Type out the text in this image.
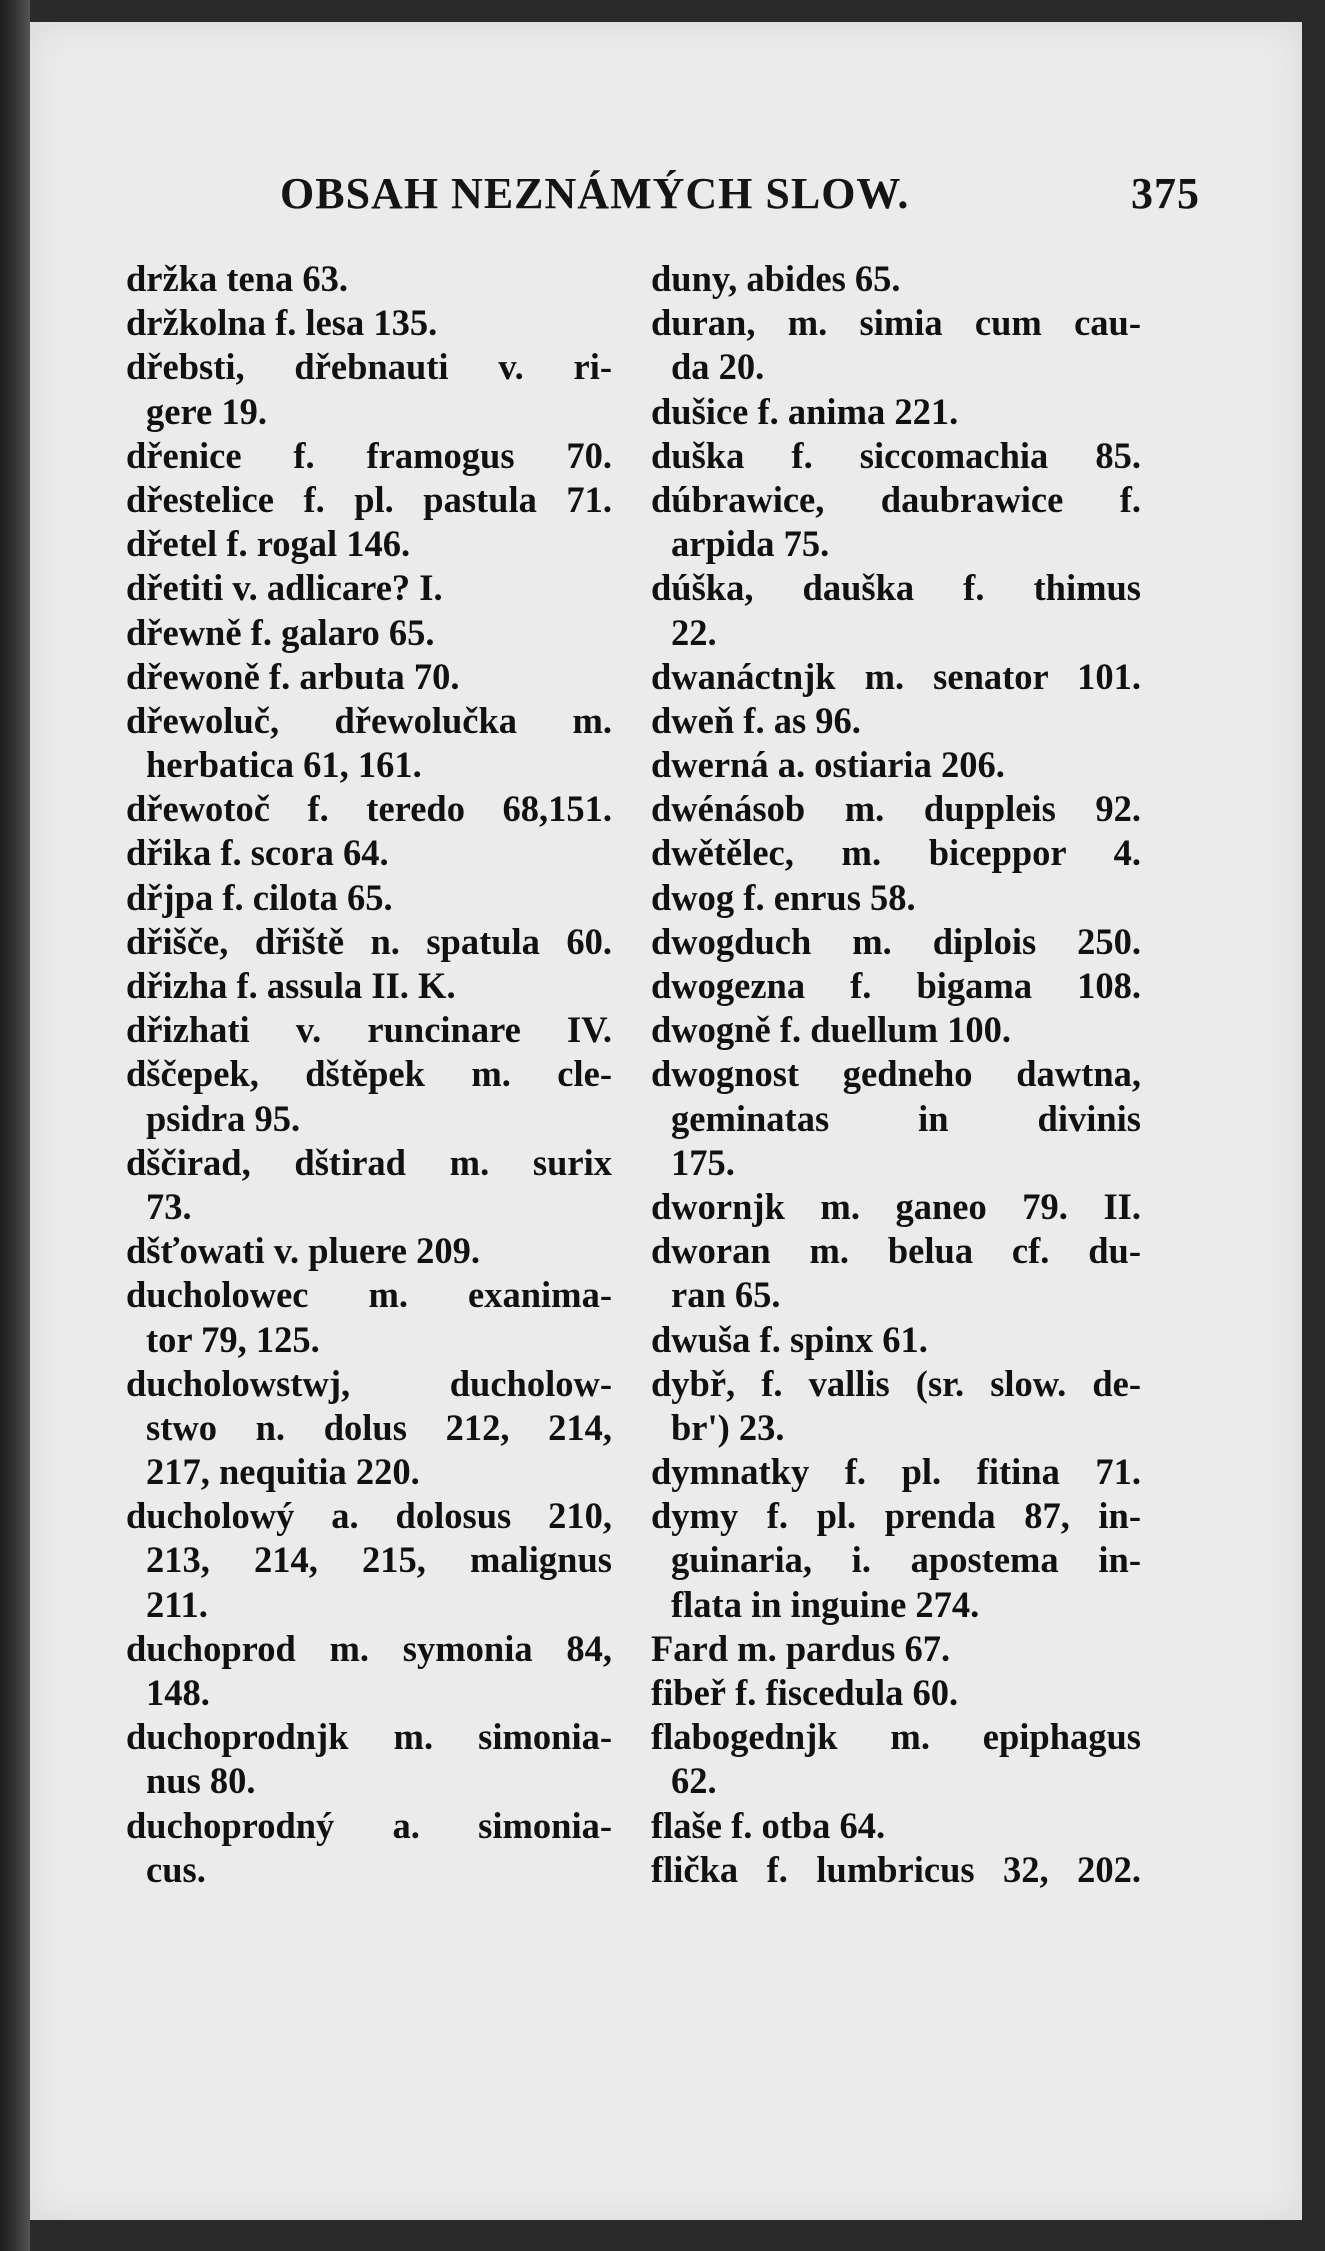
OBSAH NEZNÁMÝCH SLOW.	375
držka tena 63.
držkolna f. lesa 135.
dřebsti, dřebnauti v. ri-
gere 19.
dřenice f. framogus 70.
dřestelice f. pl. pastula 71.
dřetel f. rogal 146.
dřetiti v. adlicare? I.
dřewně f. galaro 65.
dřewoně f. arbuta 70.
dřewoluč, dřewolučka m.
herbatica 61, 161.
dřewotoč f. teredo 68,151.
dřika f. scora 64.
dřjpa f. cilota 65.
dřišče, dřiště n. spatula 60.
dřizha f. assula II. K.
dřizhati v. runcinare IV.
dščepek, dštěpek m. cle-
psidra 95.
dščirad, dštirad m. surix
73.
dšťowati v. pluere 209.
ducholowec m. exanima-
tor 79, 125.
ducholowstwj, ducholow-
stwo n. dolus 212, 214,
217, nequitia 220.
ducholowý a. dolosus 210,
213, 214, 215, malignus
211.
duchoprod m. symonia 84,
148.
duchoprodnjk m. simonia-
nus 80.
duchoprodný a. simonia-
cus.
duny, abides 65.
duran, m. simia cum cau-
da 20.
dušice f. anima 221.
duška f. siccomachia 85.
dúbrawice, daubrawice f.
arpida 75.
dúška, dauška f. thimus
22.
dwanáctnjk m. senator 101.
dweň f. as 96.
dwerná a. ostiaria 206.
dwénásob m. duppleis 92.
dwětělec, m. biceppor 4.
dwog f. enrus 58.
dwogduch m. diplois 250.
dwogezna f. bigama 108.
dwogně f. duellum 100.
dwognost gedneho dawtna,
geminatas in divinis
175.
dwornjk m. ganeo 79. II.
dworan m. belua cf. du-
ran 65.
dwuša f. spinx 61.
dybř, f. vallis (sr. slow. de-
br') 23.
dymnatky f. pl. fitina 71.
dymy f. pl. prenda 87, in-
guinaria, i. apostema in-
flata in inguine 274.
Fard m. pardus 67.
fibeř f. fiscedula 60.
flabogednjk m. epiphagus
62.
flaše f. otba 64.
flička f. lumbricus 32, 202.
